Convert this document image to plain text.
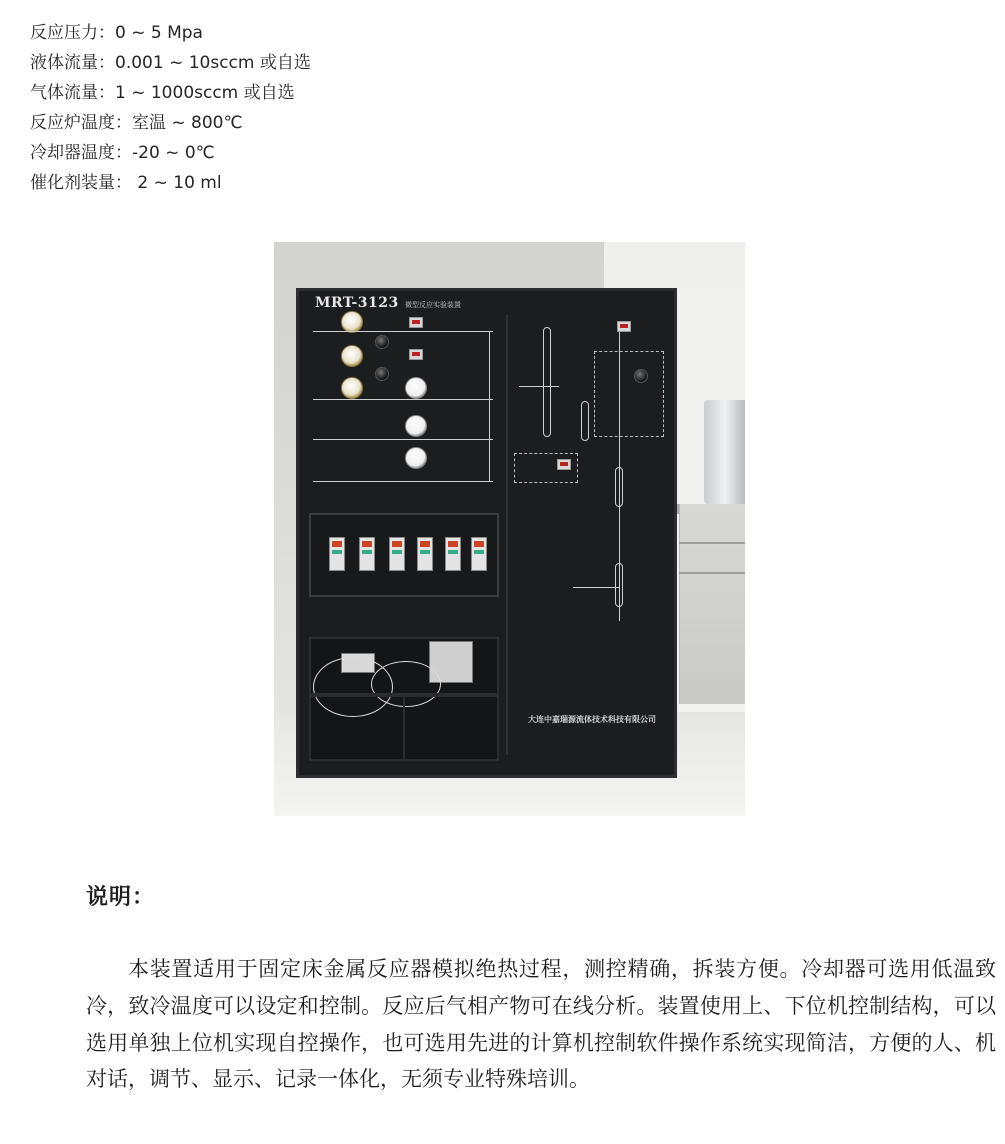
反应压力：0 ~ 5 Mpa
液体流量：0.001 ~ 10sccm 或自选
气体流量：1 ~ 1000sccm 或自选
反应炉温度：室温 ~ 800℃
冷却器温度：-20 ~ 0℃
催化剂装量： 2 ~ 10 ml
MRT-3123 微型反应实验装置
大连中嘉瑞源流体技术科技有限公司
说明：

本装置适用于固定床金属反应器模拟绝热过程，测控精确，拆装方便。冷却器可选用低温致冷，致冷温度可以设定和控制。反应后气相产物可在线分析。装置使用上、下位机控制结构，可以选用单独上位机实现自控操作，也可选用先进的计算机控制软件操作系统实现简洁，方便的人、机对话，调节、显示、记录一体化，无须专业特殊培训。
